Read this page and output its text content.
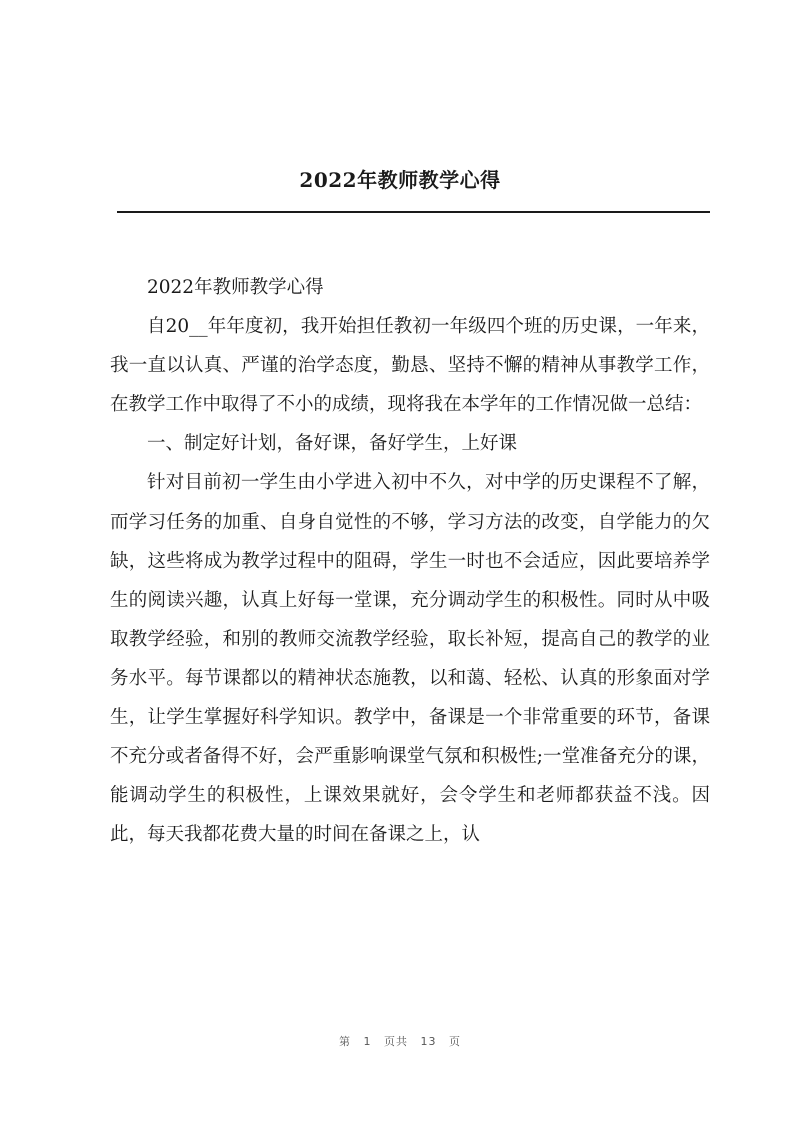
2022年教师教学心得

2022年教师教学心得

自20__年年度初，我开始担任教初一年级四个班的历史课，一年来，我一直以认真、严谨的治学态度，勤恳、坚持不懈的精神从事教学工作，在教学工作中取得了不小的成绩，现将我在本学年的工作情况做一总结：

一、制定好计划，备好课，备好学生，上好课

针对目前初一学生由小学进入初中不久，对中学的历史课程不了解，而学习任务的加重、自身自觉性的不够，学习方法的改变，自学能力的欠缺，这些将成为教学过程中的阻碍，学生一时也不会适应，因此要培养学生的阅读兴趣，认真上好每一堂课，充分调动学生的积极性。同时从中吸取教学经验，和别的教师交流教学经验，取长补短，提高自己的教学的业务水平。每节课都以的精神状态施教，以和蔼、轻松、认真的形象面对学生，让学生掌握好科学知识。教学中，备课是一个非常重要的环节，备课不充分或者备得不好，会严重影响课堂气氛和积极性;一堂准备充分的课，能调动学生的积极性，上课效果就好，会令学生和老师都获益不浅。因此，每天我都花费大量的时间在备课之上，认

第 1 页共 13 页
